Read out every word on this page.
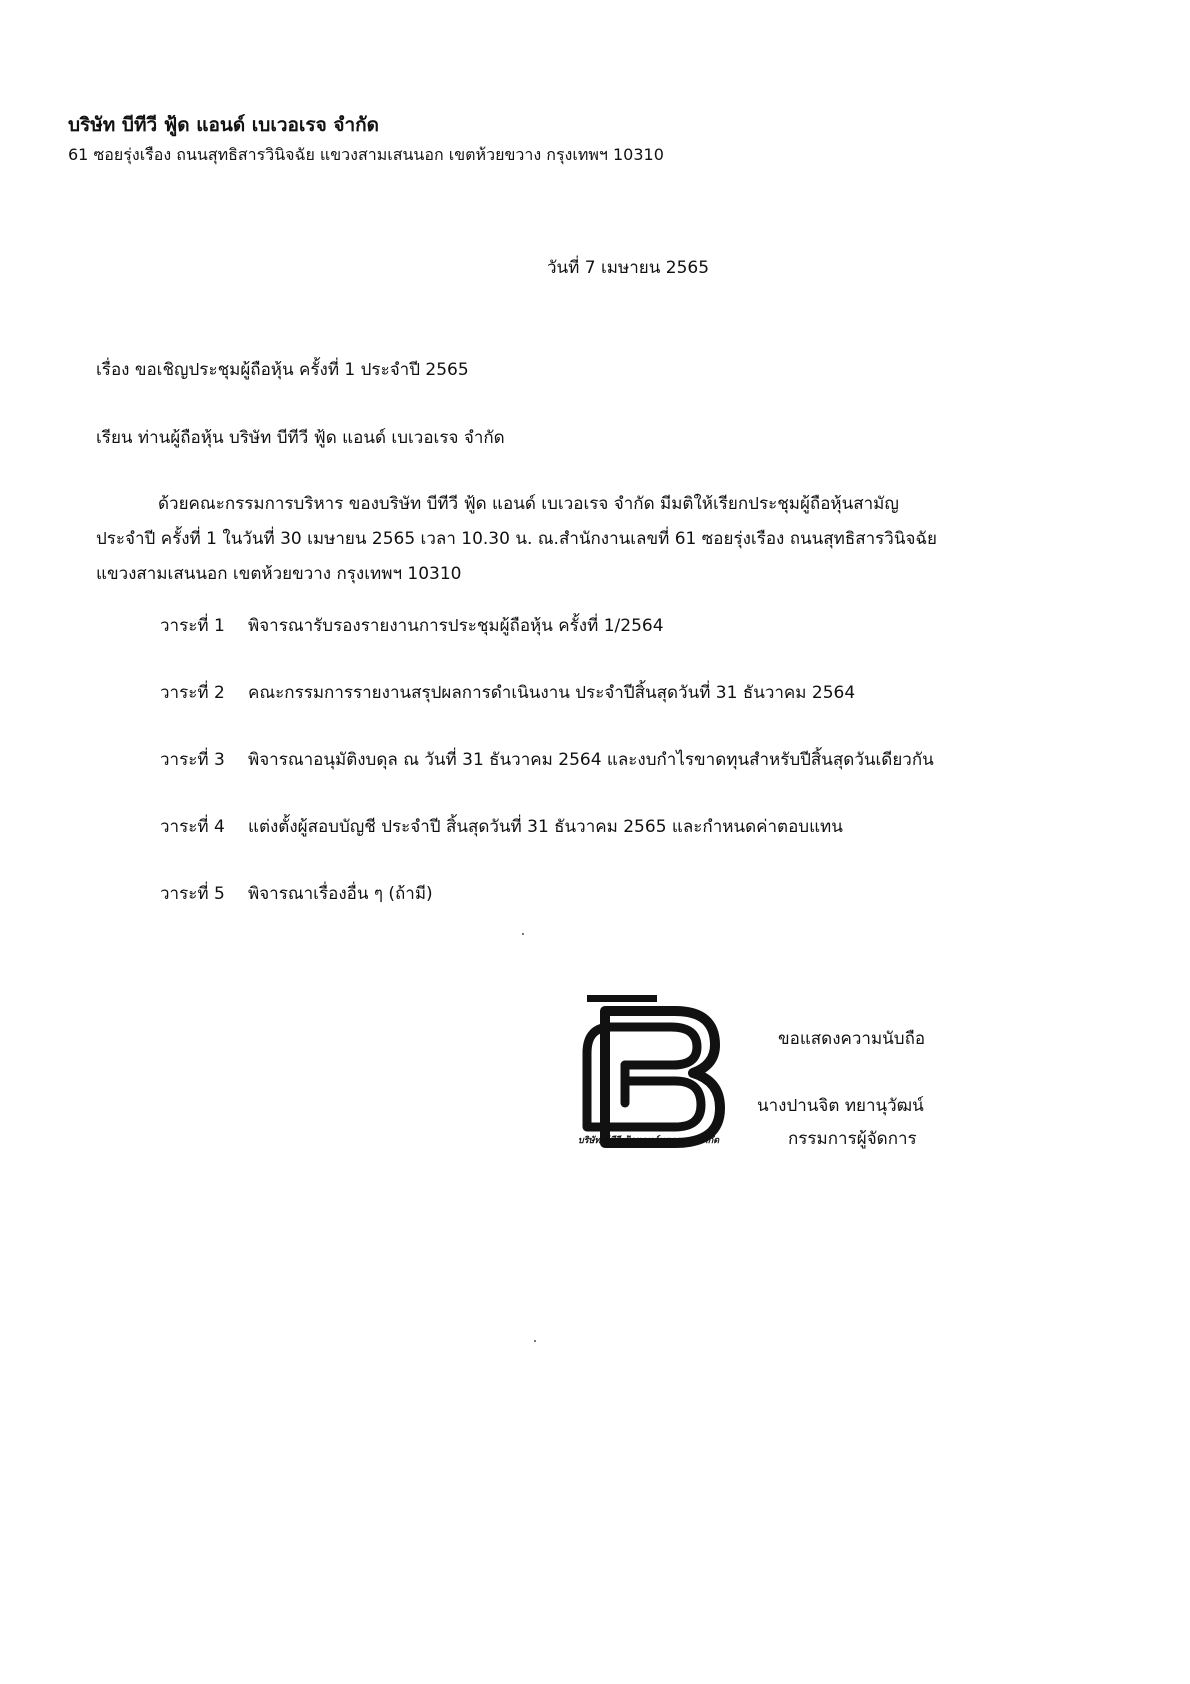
บริษัท บีทีวี ฟู้ด แอนด์ เบเวอเรจ จำกัด
61 ซอยรุ่งเรือง ถนนสุทธิสารวินิจฉัย แขวงสามเสนนอก เขตห้วยขวาง กรุงเทพฯ 10310
วันที่ 7 เมษายน 2565
เรื่อง ขอเชิญประชุมผู้ถือหุ้น ครั้งที่ 1 ประจำปี 2565
เรียน ท่านผู้ถือหุ้น บริษัท บีทีวี ฟู้ด แอนด์ เบเวอเรจ จำกัด
ด้วยคณะกรรมการบริหาร ของบริษัท บีทีวี ฟู้ด แอนด์ เบเวอเรจ จำกัด มีมติให้เรียกประชุมผู้ถือหุ้นสามัญ
ประจำปี ครั้งที่ 1 ในวันที่ 30 เมษายน 2565 เวลา 10.30 น. ณ.สำนักงานเลขที่ 61 ซอยรุ่งเรือง ถนนสุทธิสารวินิจฉัย
แขวงสามเสนนอก เขตห้วยขวาง กรุงเทพฯ 10310
วาระที่ 1 พิจารณารับรองรายงานการประชุมผู้ถือหุ้น ครั้งที่ 1/2564
วาระที่ 2 คณะกรรมการรายงานสรุปผลการดำเนินงาน ประจำปีสิ้นสุดวันที่ 31 ธันวาคม 2564
วาระที่ 3 พิจารณาอนุมัติงบดุล ณ วันที่ 31 ธันวาคม 2564 และงบกำไรขาดทุนสำหรับปีสิ้นสุดวันเดียวกัน
วาระที่ 4 แต่งตั้งผู้สอบบัญชี ประจำปี สิ้นสุดวันที่ 31 ธันวาคม 2565 และกำหนดค่าตอบแทน
วาระที่ 5 พิจารณาเรื่องอื่น ๆ (ถ้ามี)
บริษัท บีทีวี ฟู้ดแอนด์เบเวอเรจ จำกัด
ขอแสดงความนับถือ
นางปานจิต ทยานุวัฒน์
กรรมการผู้จัดการ
